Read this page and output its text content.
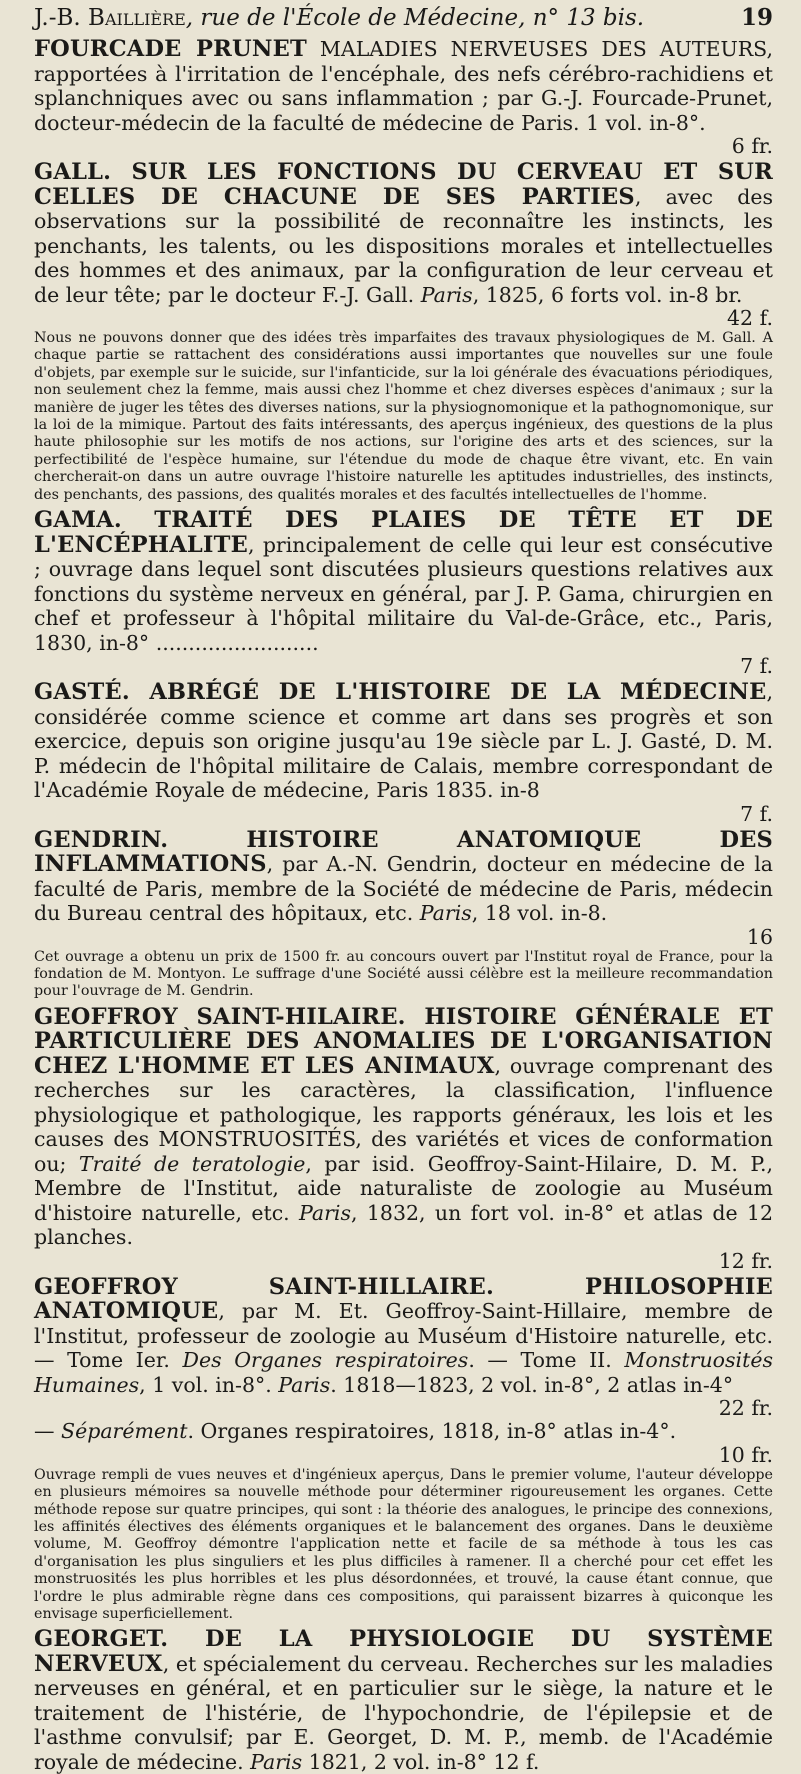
J.-B. Baillière, rue de l'École de Médecine, n° 13 bis.	19
FOURCADE PRUNET MALADIES NERVEUSES DES AUTEURS, rapportées à l'irritation de l'encéphale, des nefs cérébro-rachidiens et splanchniques avec ou sans inflammation ; par G.-J. Fourcade-Prunet, docteur-médecin de la faculté de médecine de Paris. 1 vol. in-8°.
6 fr.
GALL. SUR LES FONCTIONS DU CERVEAU ET SUR CELLES DE CHACUNE DE SES PARTIES, avec des observations sur la possibilité de reconnaître les instincts, les penchants, les talents, ou les dispositions morales et intellectuelles des hommes et des animaux, par la configuration de leur cerveau et de leur tête; par le docteur F.-J. Gall. Paris, 1825, 6 forts vol. in-8 br.
42 f.
Nous ne pouvons donner que des idées très imparfaites des travaux physiologiques de M. Gall. A chaque partie se rattachent des considérations aussi importantes que nouvelles sur une foule d'objets, par exemple sur le suicide, sur l'infanticide, sur la loi générale des évacuations périodiques, non seulement chez la femme, mais aussi chez l'homme et chez diverses espèces d'animaux ; sur la manière de juger les têtes des diverses nations, sur la physiognomonique et la pathognomonique, sur la loi de la mimique. Partout des faits intéressants, des aperçus ingénieux, des questions de la plus haute philosophie sur les motifs de nos actions, sur l'origine des arts et des sciences, sur la perfectibilité de l'espèce humaine, sur l'étendue du mode de chaque être vivant, etc. En vain chercherait-on dans un autre ouvrage l'histoire naturelle les aptitudes industrielles, des instincts, des penchants, des passions, des qualités morales et des facultés intellectuelles de l'homme.
GAMA. TRAITÉ DES PLAIES DE TÊTE ET DE L'ENCÉPHALITE, principalement de celle qui leur est consécutive ; ouvrage dans lequel sont discutées plusieurs questions relatives aux fonctions du système nerveux en général, par J. P. Gama, chirurgien en chef et professeur à l'hôpital militaire du Val-de-Grâce, etc., Paris, 1830, in-8° .........................
7 f.
GASTÉ. ABRÉGÉ DE L'HISTOIRE DE LA MÉDECINE, considérée comme science et comme art dans ses progrès et son exercice, depuis son origine jusqu'au 19e siècle par L. J. Gasté, D. M. P. médecin de l'hôpital militaire de Calais, membre correspondant de l'Académie Royale de médecine, Paris 1835. in-8
7 f.
GENDRIN. HISTOIRE ANATOMIQUE DES INFLAMMATIONS, par A.-N. Gendrin, docteur en médecine de la faculté de Paris, membre de la Société de médecine de Paris, médecin du Bureau central des hôpitaux, etc. Paris, 18 vol. in-8.
16
Cet ouvrage a obtenu un prix de 1500 fr. au concours ouvert par l'Institut royal de France, pour la fondation de M. Montyon. Le suffrage d'une Société aussi célèbre est la meilleure recommandation pour l'ouvrage de M. Gendrin.
GEOFFROY SAINT-HILAIRE. HISTOIRE GÉNÉRALE ET PARTICULIÈRE DES ANOMALIES DE L'ORGANISATION CHEZ L'HOMME ET LES ANIMAUX, ouvrage comprenant des recherches sur les caractères, la classification, l'influence physiologique et pathologique, les rapports généraux, les lois et les causes des MONSTRUOSITÉS, des variétés et vices de conformation ou; Traité de teratologie, par isid. Geoffroy-Saint-Hilaire, D. M. P., Membre de l'Institut, aide naturaliste de zoologie au Muséum d'histoire naturelle, etc. Paris, 1832, un fort vol. in-8° et atlas de 12 planches.
12 fr.
GEOFFROY SAINT-HILLAIRE. PHILOSOPHIE ANATOMIQUE, par M. Et. Geoffroy-Saint-Hillaire, membre de l'Institut, professeur de zoologie au Muséum d'Histoire naturelle, etc. — Tome Ier. Des Organes respiratoires. — Tome II. Monstruosités Humaines, 1 vol. in-8°. Paris. 1818—1823, 2 vol. in-8°, 2 atlas in-4°
22 fr.
— Séparément. Organes respiratoires, 1818, in-8° atlas in-4°.
10 fr.
Ouvrage rempli de vues neuves et d'ingénieux aperçus, Dans le premier volume, l'auteur développe en plusieurs mémoires sa nouvelle méthode pour déterminer rigoureusement les organes. Cette méthode repose sur quatre principes, qui sont : la théorie des analogues, le principe des connexions, les affinités électives des éléments organiques et le balancement des organes. Dans le deuxième volume, M. Geoffroy démontre l'application nette et facile de sa méthode à tous les cas d'organisation les plus singuliers et les plus difficiles à ramener. Il a cherché pour cet effet les monstruosités les plus horribles et les plus désordonnées, et trouvé, la cause étant connue, que l'ordre le plus admirable règne dans ces compositions, qui paraissent bizarres à quiconque les envisage superficiellement.
GEORGET. DE LA PHYSIOLOGIE DU SYSTÈME NERVEUX, et spécialement du cerveau. Recherches sur les maladies nerveuses en général, et en particulier sur le siège, la nature et le traitement de l'histérie, de l'hypochondrie, de l'épilepsie et de l'asthme convulsif; par E. Georget, D. M. P., memb. de l'Académie royale de médecine. Paris 1821, 2 vol. in-8° 12 f.
